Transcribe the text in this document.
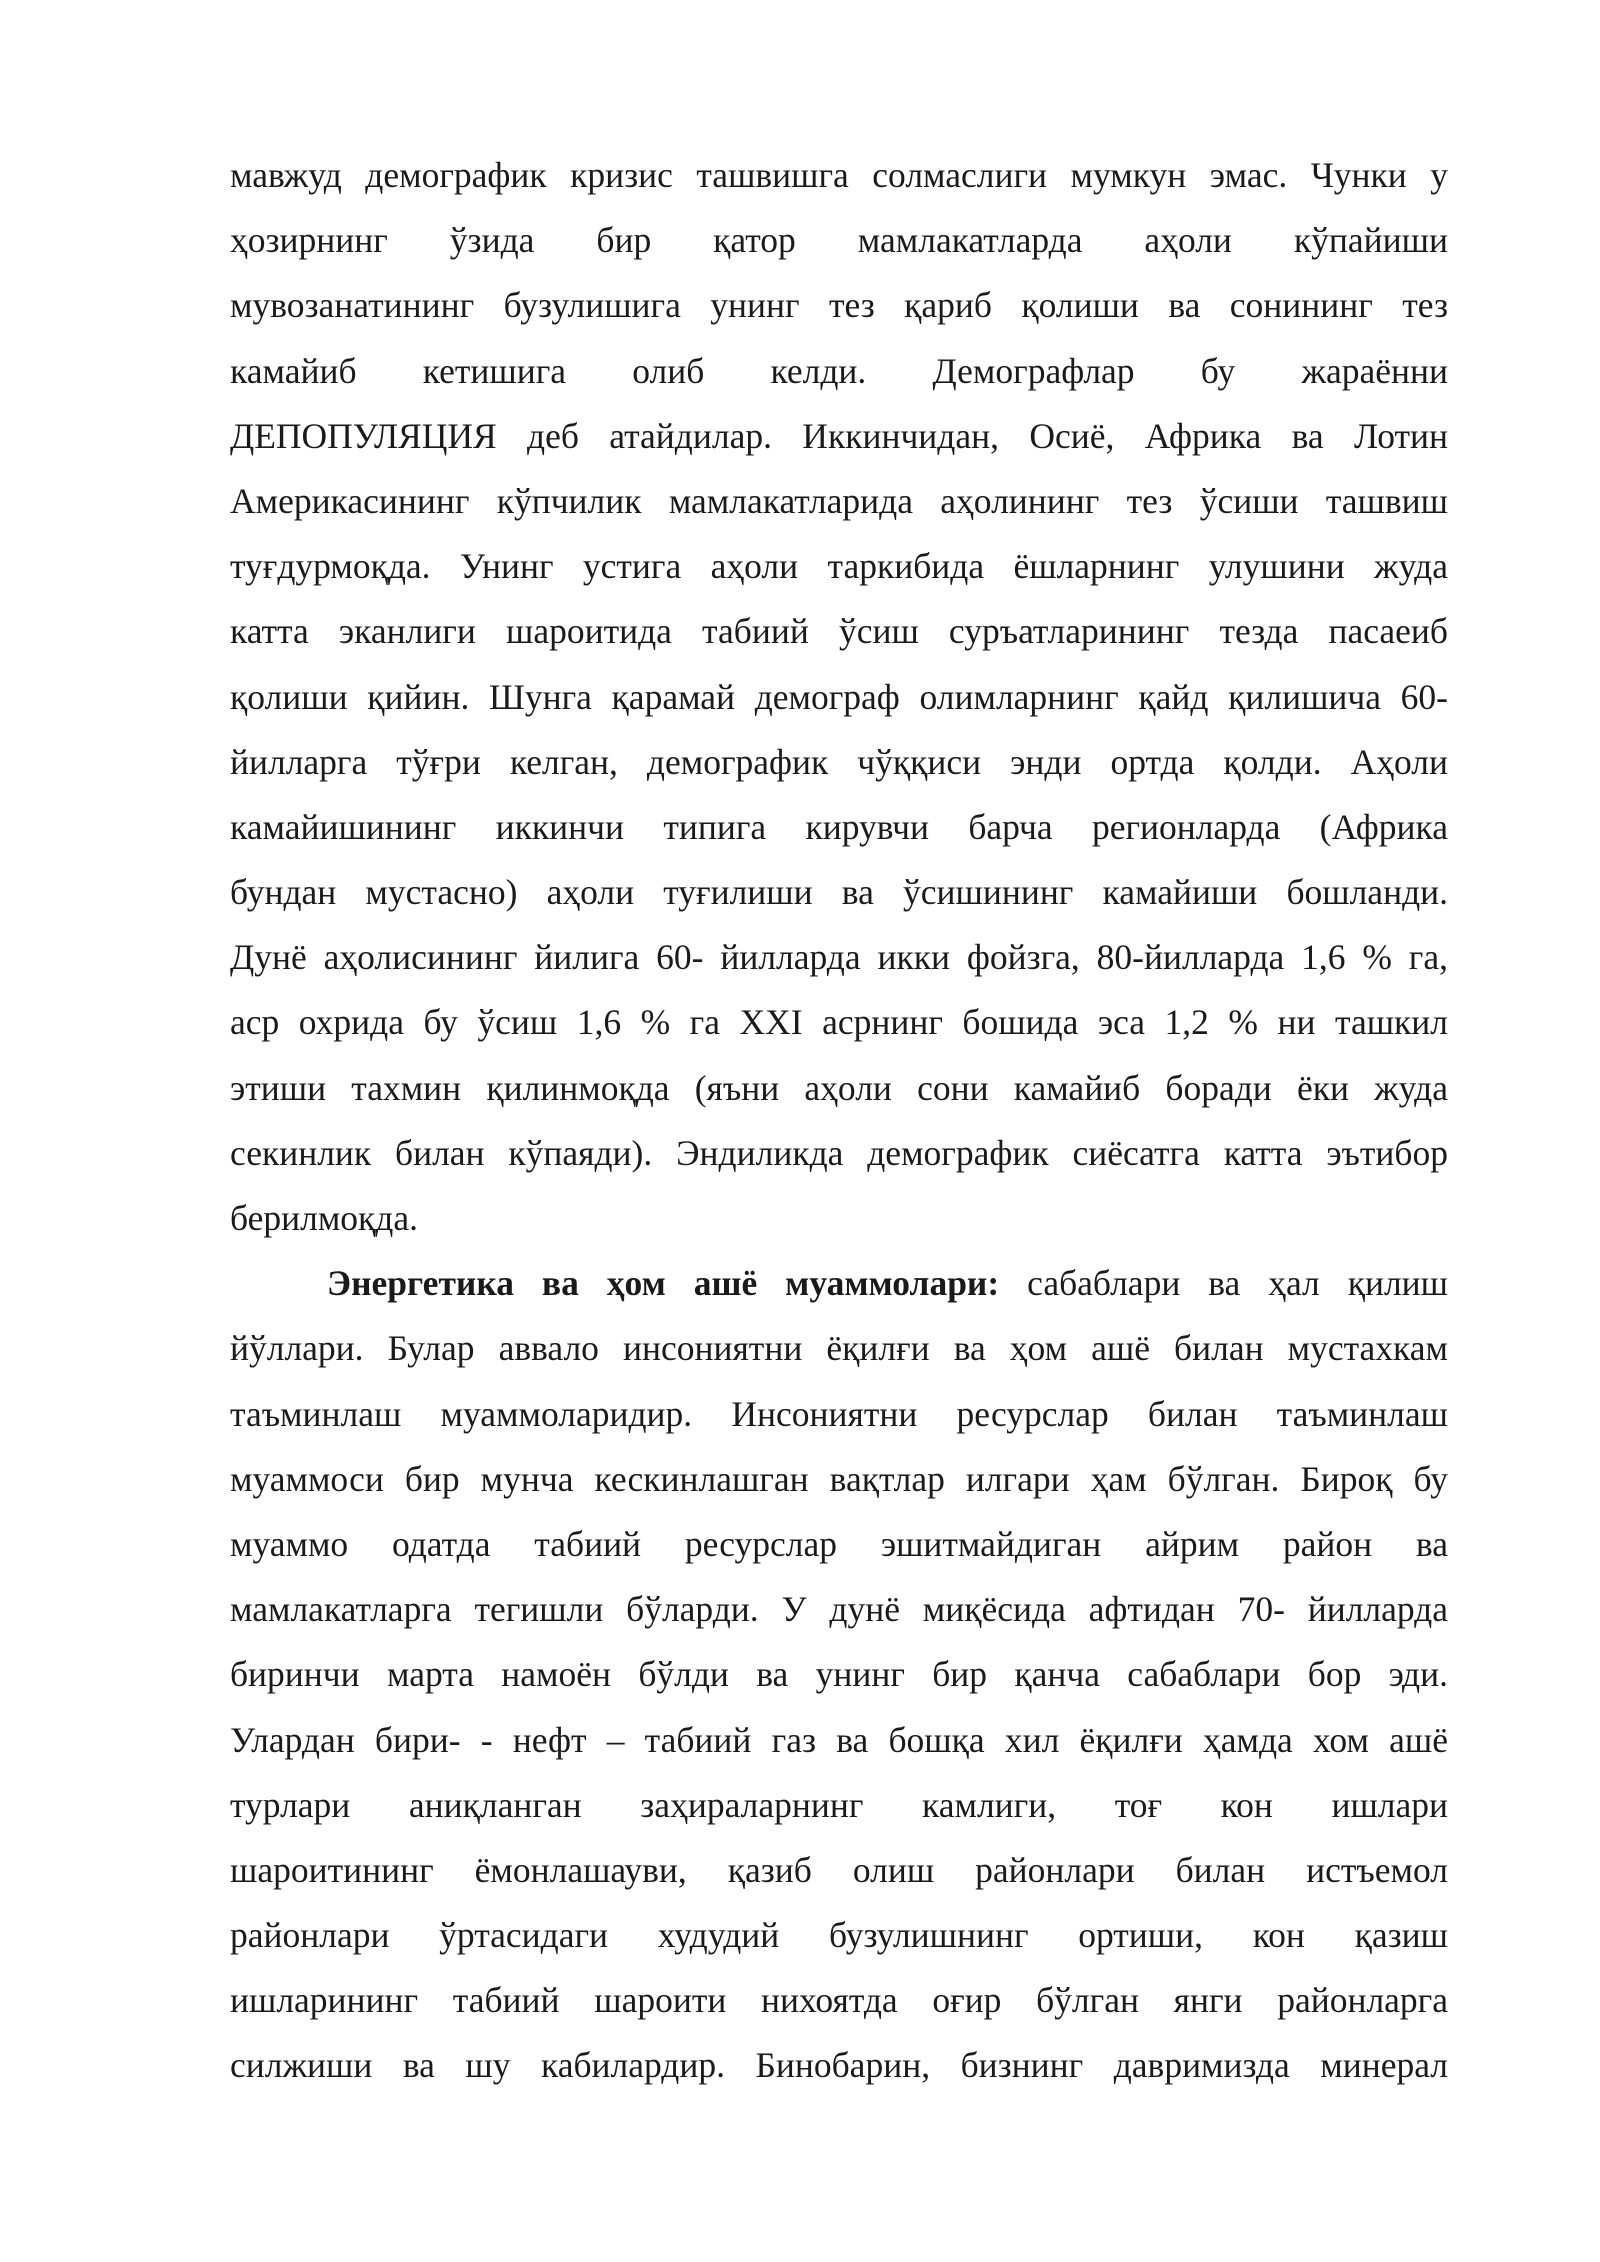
мавжуд демографик кризис ташвишга солмаслиги мумкун эмас. Чунки у
ҳозирнинг ўзида бир қатор мамлакатларда аҳоли кўпайиши
мувозанатининг бузулишига унинг тез қариб қолиши ва сонининг тез
камайиб кетишига олиб келди. Демографлар бу жараённи
ДЕПОПУЛЯЦИЯ деб атайдилар. Иккинчидан, Осиё, Африка ва Лотин
Америкасининг кўпчилик мамлакатларида аҳолининг тез ўсиши ташвиш
туғдурмоқда. Унинг устига аҳоли таркибида ёшларнинг улушини жуда
катта эканлиги шароитида табиий ўсиш суръатларининг тезда пасаеиб
қолиши қийин. Шунга қарамай демограф олимларнинг қайд қилишича 60-
йилларга тўғри келган, демографик чўққиси энди ортда қолди. Аҳоли
камайишининг иккинчи типига кирувчи барча регионларда (Африка
бундан мустасно) аҳоли туғилиши ва ўсишининг камайиши бошланди.
Дунё аҳолисининг йилига 60- йилларда икки фойзга, 80-йилларда 1,6 % га,
аср охрида бу ўсиш 1,6 % га XXI асрнинг бошида эса 1,2 % ни ташкил
этиши тахмин қилинмоқда (яъни аҳоли сони камайиб боради ёки жуда
секинлик билан кўпаяди). Эндиликда демографик сиёсатга катта эътибор
берилмоқда.
Энергетика ва ҳом ашё муаммолари: сабаблари ва ҳал қилиш
йўллари. Булар аввало инсониятни ёқилғи ва ҳом ашё билан мустахкам
таъминлаш муаммоларидир. Инсониятни ресурслар билан таъминлаш
муаммоси бир мунча кескинлашган вақтлар илгари ҳам бўлган. Бироқ бу
муаммо одатда табиий ресурслар эшитмайдиган айрим район ва
мамлакатларга тегишли бўларди. У дунё миқёсида афтидан 70- йилларда
биринчи марта намоён бўлди ва унинг бир қанча сабаблари бор эди.
Улардан бири- - нефт – табиий газ ва бошқа хил ёқилғи ҳамда хом ашё
турлари аниқланган заҳираларнинг камлиги, тоғ кон ишлари
шароитининг ёмонлашауви, қазиб олиш районлари билан истъемол
районлари ўртасидаги худудий бузулишнинг ортиши, кон қазиш
ишларининг табиий шароити нихоятда оғир бўлган янги районларга
силжиши ва шу кабилардир. Бинобарин, бизнинг давримизда минерал
